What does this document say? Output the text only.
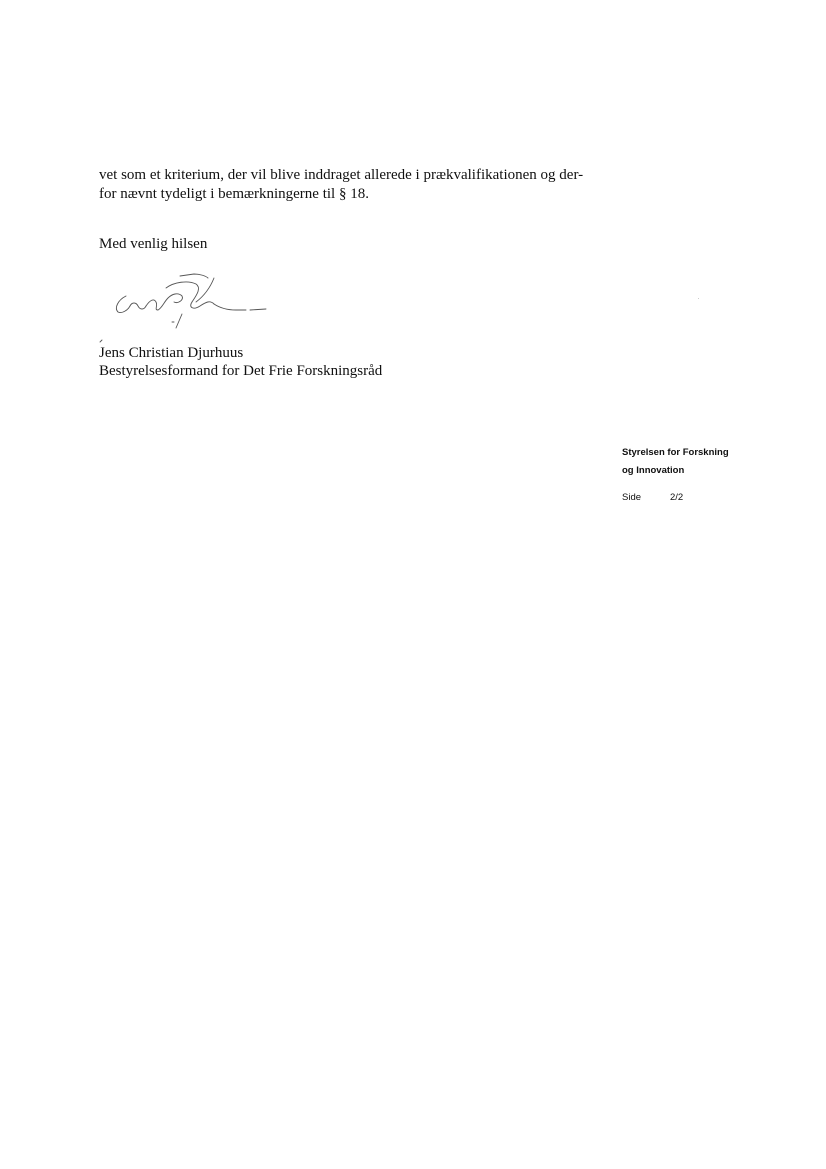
vet som et kriterium, der vil blive inddraget allerede i prækvalifikationen og der-
for nævnt tydeligt i bemærkningerne til § 18.
Med venlig hilsen
Jens Christian Djurhuus
Bestyrelsesformand for Det Frie Forskningsråd
Styrelsen for Forskning
og Innovation
Side	2/2
